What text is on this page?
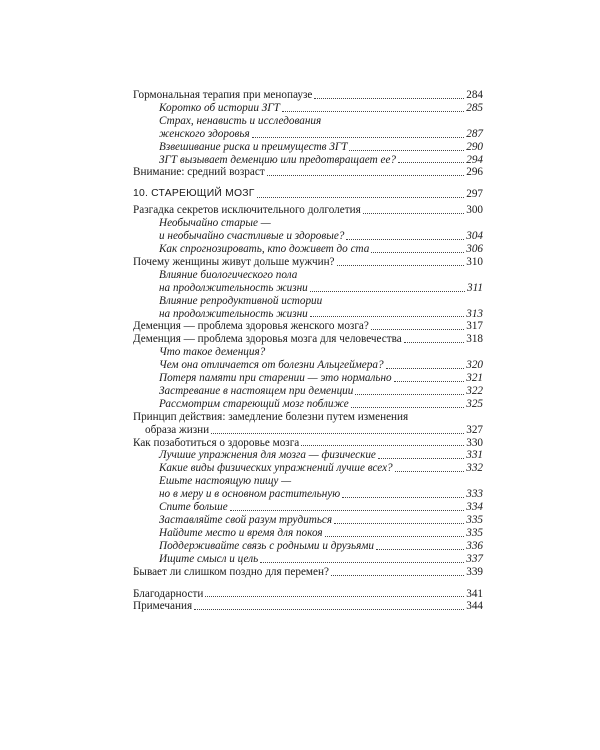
Гормональная терапия при менопаузе	284
Коротко об истории ЗГТ	285
Страх, ненависть и исследования
женского здоровья	287
Взвешивание риска и преимуществ ЗГТ	290
ЗГТ вызывает деменцию или предотвращает ее?	294
Внимание: средний возраст	296
10. СТАРЕЮЩИЙ МОЗГ	297
Разгадка секретов исключительного долголетия	300
Необычайно старые —
и необычайно счастливые и здоровые?	304
Как спрогнозировать, кто доживет до ста	306
Почему женщины живут дольше мужчин?	310
Влияние биологического пола
на продолжительность жизни	311
Влияние репродуктивной истории
на продолжительность жизни	313
Деменция — проблема здоровья женского мозга?	317
Деменция — проблема здоровья мозга для человечества	318
Что такое деменция?
Чем она отличается от болезни Альцгеймера?	320
Потеря памяти при старении — это нормально	321
Застревание в настоящем при деменции	322
Рассмотрим стареющий мозг поближе	325
Принцип действия: замедление болезни путем изменения
образа жизни	327
Как позаботиться о здоровье мозга	330
Лучшие упражнения для мозга — физические	331
Какие виды физических упражнений лучше всех?	332
Ешьте настоящую пищу —
но в меру и в основном растительную	333
Спите больше	334
Заставляйте свой разум трудиться	335
Найдите место и время для покоя	335
Поддерживайте связь с родными и друзьями	336
Ищите смысл и цель	337
Бывает ли слишком поздно для перемен?	339
Благодарности	341
Примечания	344
